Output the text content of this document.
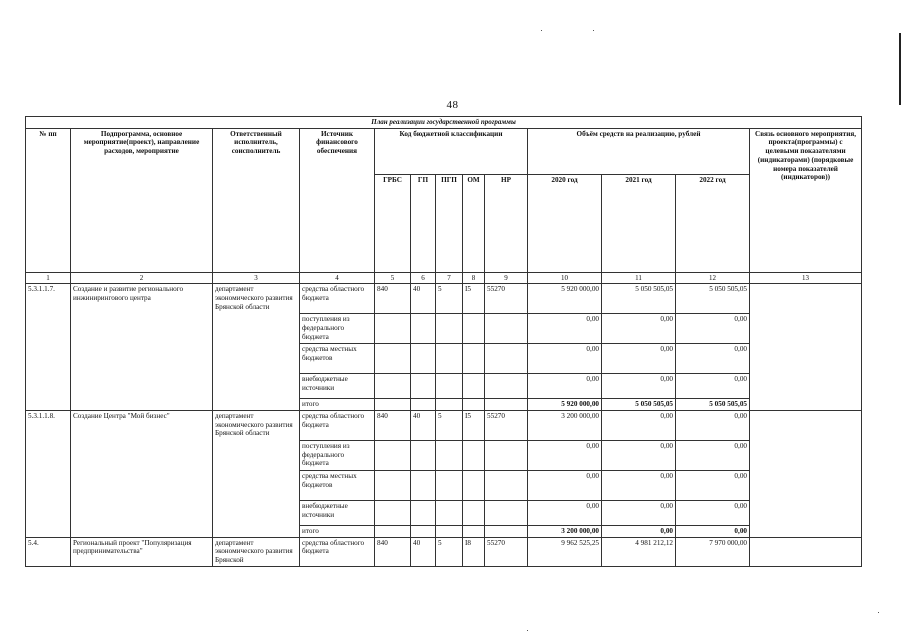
48
План реализации государственной программы												
№ пп	Подпрограмма, основное мероприятие(проект), направление расходов, мероприятие	Ответственный исполнитель, соисполнитель	Источник финансового обеспечения	Код бюджетной классификации					Объём средств на реализацию, рублей			Связь основного мероприятия, проекта(программы) с целевыми показателями (индикаторами) (порядковые номера показателей (индикаторов))
				ГРБС	ГП	ПГП	ОМ	НР	2020 год	2021 год	2022 год	
1	2	3	4	5	6	7	8	9	10	11	12	13
5.3.1.1.7.	Создание и развитие регионального инжинирингового центра	департамент экономического развития Брянской области	средства областного бюджета	840	40	5	I5	55270	5 920 000,00	5 050 505,05	5 050 505,05	
			поступления из федерального бюджета						0,00	0,00	0,00	
			средства местных бюджетов						0,00	0,00	0,00	
			внебюджетные источники						0,00	0,00	0,00	
			итого						5 920 000,00	5 050 505,05	5 050 505,05	
5.3.1.1.8.	Создание Центра "Мой бизнес"	департамент экономического развития Брянской области	средства областного бюджета	840	40	5	I5	55270	3 200 000,00	0,00	0,00	
			поступления из федерального бюджета						0,00	0,00	0,00	
			средства местных бюджетов						0,00	0,00	0,00	
			внебюджетные источники						0,00	0,00	0,00	
			итого						3 200 000,00	0,00	0,00	
5.4.	Региональный проект "Популяризация предпринимательства"	департамент экономического развития Брянской	средства областного бюджета	840	40	5	I8	55270	9 962 525,25	4 981 212,12	7 970 000,00	
